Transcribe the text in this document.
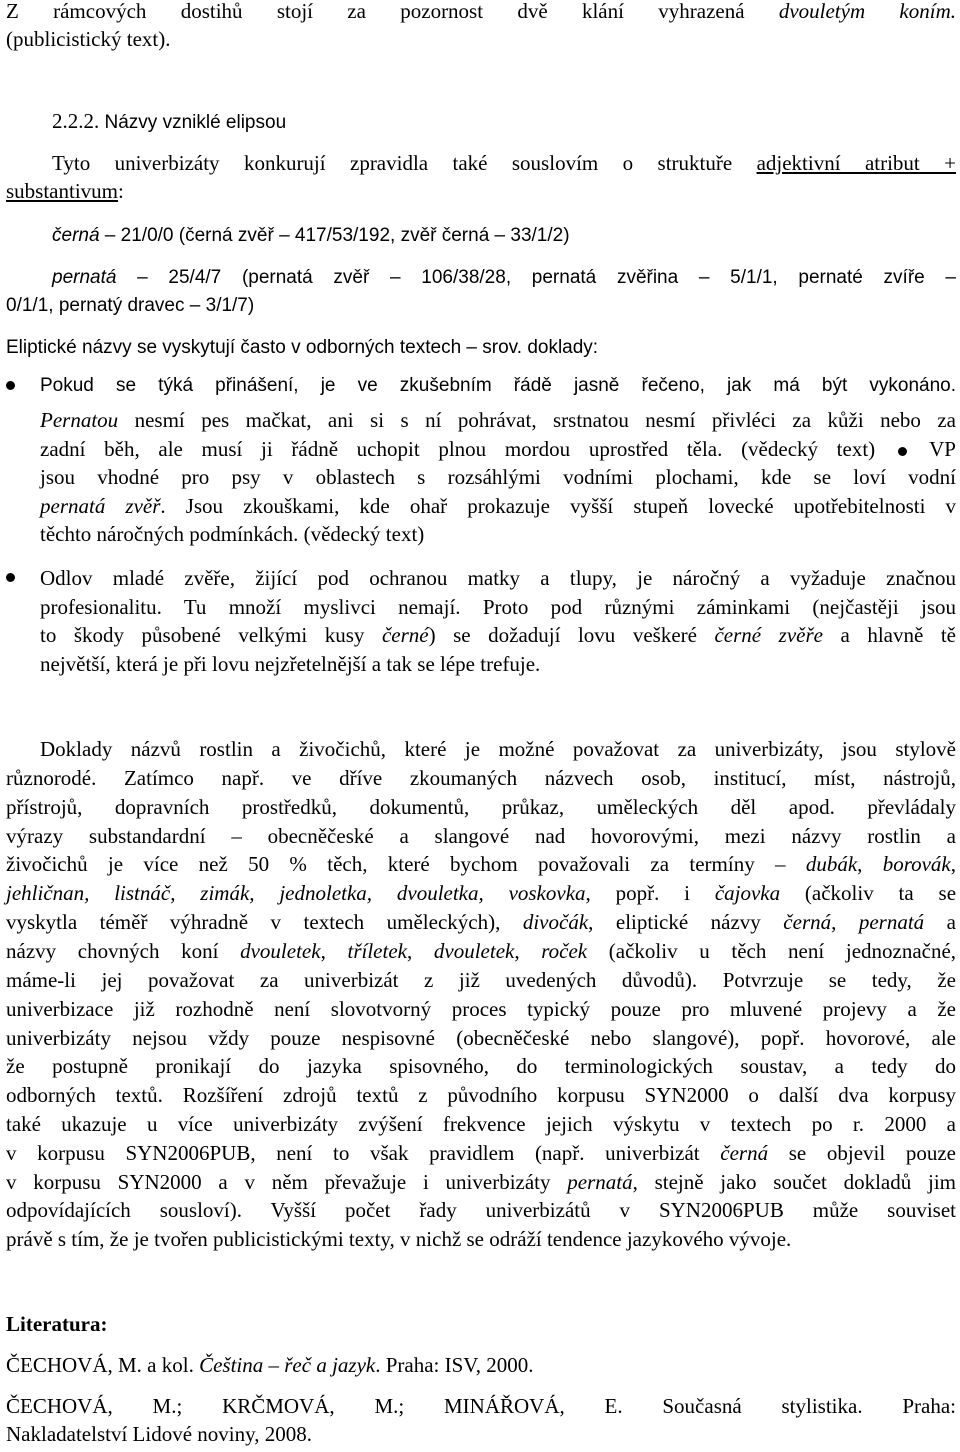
Z rámcových dostihů stojí za pozornost dvě klání vyhrazená dvouletým koním.
(publicistický text).
2.2.2. Názvy vzniklé elipsou
Tyto univerbizáty konkurují zpravidla také souslovím o struktuře adjektivní atribut +
substantivum:
černá – 21/0/0 (černá zvěř – 417/53/192, zvěř černá – 33/1/2)
pernatá – 25/4/7 (pernatá zvěř – 106/38/28, pernatá zvěřina – 5/1/1, pernaté zvíře –
0/1/1, pernatý dravec – 3/1/7)
Eliptické názvy se vyskytují často v odborných textech – srov. doklady:
Pokud se týká přinášení, je ve zkušebním řádě jasně řečeno, jak má být vykonáno.
Pernatou nesmí pes mačkat, ani si s ní pohrávat, srstnatou nesmí přivléci za kůži nebo za
zadní běh, ale musí ji řádně uchopit plnou mordou uprostřed těla. (vědecký text)	VP
jsou vhodné pro psy v oblastech s rozsáhlými vodními plochami, kde se loví vodní
pernatá zvěř. Jsou zkouškami, kde ohař prokazuje vyšší stupeň lovecké upotřebitelnosti v
těchto náročných podmínkách. (vědecký text)
Odlov mladé zvěře, žijící pod ochranou matky a tlupy, je náročný a vyžaduje značnou
profesionalitu. Tu množí myslivci nemají. Proto pod různými záminkami (nejčastěji jsou
to škody působené velkými kusy černé) se dožadují lovu veškeré černé zvěře a hlavně tě
největší, která je při lovu nejzřetelnější a tak se lépe trefuje.
Doklady názvů rostlin a živočichů, které je možné považovat za univerbizáty, jsou stylově
různorodé. Zatímco např. ve dříve zkoumaných názvech osob, institucí, míst, nástrojů,
přístrojů, dopravních prostředků, dokumentů, průkaz, uměleckých děl apod. převládaly
výrazy substandardní – obecněčeské a slangové nad hovorovými, mezi názvy rostlin a
živočichů je více než 50 % těch, které bychom považovali za termíny – dubák, borovák,
jehličnan, listnáč, zimák, jednoletka, dvouletka, voskovka, popř. i čajovka (ačkoliv ta se
vyskytla téměř výhradně v textech uměleckých), divočák, eliptické názvy černá, pernatá a
názvy chovných koní dvouletek, tříletek, dvouletek, roček (ačkoliv u těch není jednoznačné,
máme-li jej považovat za univerbizát z již uvedených důvodů). Potvrzuje se tedy, že
univerbizace již rozhodně není slovotvorný proces typický pouze pro mluvené projevy a že
univerbizáty nejsou vždy pouze nespisovné (obecněčeské nebo slangové), popř. hovorové, ale
že postupně pronikají do jazyka spisovného, do terminologických soustav, a tedy do
odborných textů. Rozšíření zdrojů textů z původního korpusu SYN2000 o další dva korpusy
také ukazuje u více univerbizáty zvýšení frekvence jejich výskytu v textech po r. 2000 a
v korpusu SYN2006PUB, není to však pravidlem (např. univerbizát černá se objevil pouze
v korpusu SYN2000 a v něm převažuje i univerbizáty pernatá, stejně jako součet dokladů jim
odpovídajících sousloví). Vyšší počet řady univerbizátů v SYN2006PUB může souviset
právě s tím, že je tvořen publicistickými texty, v nichž se odráží tendence jazykového vývoje.
Literatura:
ČECHOVÁ, M. a kol. Čeština – řeč a jazyk. Praha: ISV, 2000.
ČECHOVÁ, M.; KRČMOVÁ, M.; MINÁŘOVÁ, E. Současná stylistika. Praha:
Nakladatelství Lidové noviny, 2008.
